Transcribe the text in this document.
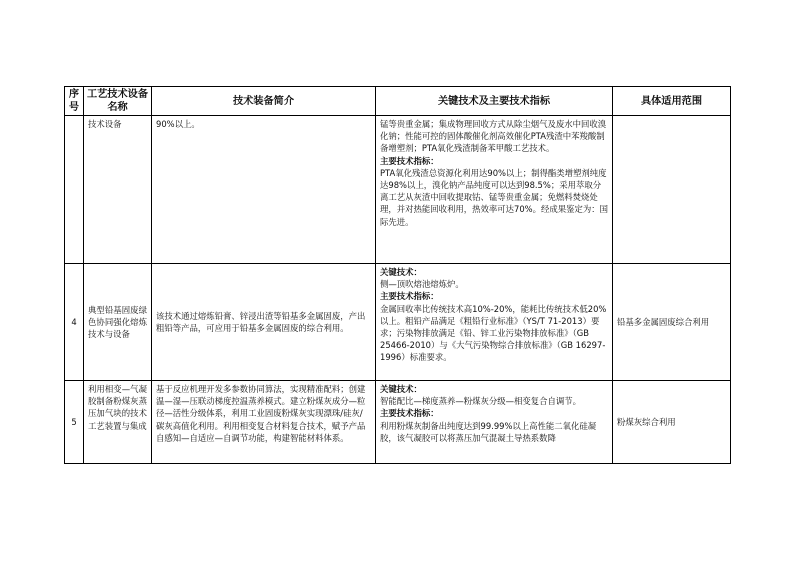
序号	工艺技术设备名称	技术装备简介	关键技术及主要技术指标	具体适用范围
	技术设备	90%以上。	锰等贵重金属；集成物理回收方式从除尘烟气及废水中回收溴化钠；性能可控的固体酸催化剂高效催化PTA残渣中苯羧酸制备增塑剂；PTA氧化残渣制备苯甲酸工艺技术。
主要技术指标：
PTA氧化残渣总资源化利用达90%以上；制得酯类增塑剂纯度达98%以上，溴化钠产品纯度可以达到98.5%；采用萃取分离工艺从灰渣中回收提取钴、锰等贵重金属；免燃料焚烧处理，并对热能回收利用，热效率可达70%。经成果鉴定为：国际先进。	

4	典型铅基固废绿色协同强化熔炼技术与设备	该技术通过熔炼铅膏、锌浸出渣等铅基多金属固废，产出粗铅等产品，可应用于铅基多金属固废的综合利用。	关键技术：
侧—顶吹熔池熔炼炉。
主要技术指标：
金属回收率比传统技术高10%-20%，能耗比传统技术低20%以上。粗铅产品满足《粗铅行业标准》（YS/T 71-2013）要求；污染物排放满足《铅、锌工业污染物排放标准》（GB 25466-2010）与《大气污染物综合排放标准》（GB 16297-1996）标准要求。	铅基多金属固废综合利用
5	利用相变—气凝胶制备粉煤灰蒸压加气块的技术工艺装置与集成	基于反应机理开发多参数协同算法，实现精准配料；创建温—湿—压联动梯度控温蒸养模式。建立粉煤灰成分—粒径—活性分级体系，利用工业固废粉煤灰实现漂珠/硅灰/碳灰高值化利用。利用相变复合材料复合技术，赋予产品自感知—自适应—自调节功能，构建智能材料体系。	关键技术：
智能配比—梯度蒸养—粉煤灰分级—相变复合自调节。
主要技术指标：
利用粉煤灰制备出纯度达到99.99%以上高性能二氧化硅凝胶，该气凝胶可以将蒸压加气混凝土导热系数降	粉煤灰综合利用
